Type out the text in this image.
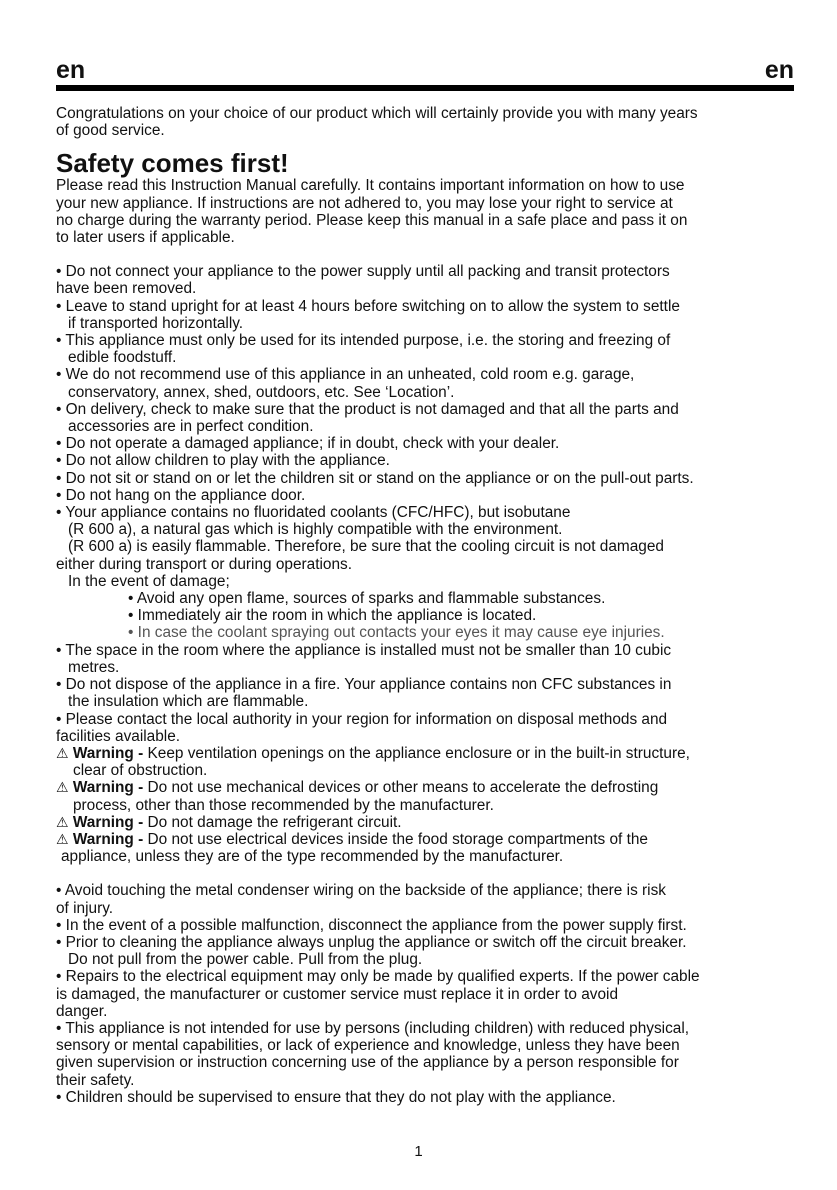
en	en

Congratulations on your choice of our product which will certainly provide you with many years

of good service.

Safety comes first!

Please read this Instruction Manual carefully. It contains important information on how to use

your new appliance. If instructions are not adhered to, you may lose your right to service at

no charge during the warranty period. Please keep this manual in a safe place and pass it on

to later users if applicable.

• Do not connect your appliance to the power supply until all packing and transit protectors

have been removed.

• Leave to stand upright for at least 4 hours before switching on to allow the system to settle

if transported horizontally.

• This appliance must only be used for its intended purpose, i.e. the storing and freezing of

edible foodstuff.

• We do not recommend use of this appliance in an unheated, cold room e.g. garage,

conservatory, annex, shed, outdoors, etc. See ‘Location’.

• On delivery, check to make sure that the product is not damaged and that all the parts and

accessories are in perfect condition.

• Do not operate a damaged appliance; if in doubt, check with your dealer.

• Do not allow children to play with the appliance.

• Do not sit or stand on or let the children sit or stand on the appliance or on the pull-out parts.

• Do not hang on the appliance door.

• Your appliance contains no fluoridated coolants (CFC/HFC), but isobutane

(R 600 a), a natural gas which is highly compatible with the environment.

(R 600 a) is easily flammable. Therefore, be sure that the cooling circuit is not damaged

either during transport or during operations.

In the event of damage;

• Avoid any open flame, sources of sparks and flammable substances.

• Immediately air the room in which the appliance is located.

• In case the coolant spraying out contacts your eyes it may cause eye injuries.

• The space in the room where the appliance is installed must not be smaller than 10 cubic

metres.

• Do not dispose of the appliance in a fire. Your appliance contains non CFC substances in

the insulation which are flammable.

• Please contact the local authority in your region for information on disposal methods and

facilities available.

⚠ Warning - Keep ventilation openings on the appliance enclosure or in the built-in structure,

clear of obstruction.

⚠ Warning - Do not use mechanical devices or other means to accelerate the defrosting

process, other than those recommended by the manufacturer.

⚠ Warning - Do not damage the refrigerant circuit.

⚠ Warning - Do not use electrical devices inside the food storage compartments of the

appliance, unless they are of the type recommended by the manufacturer.

• Avoid touching the metal condenser wiring on the backside of the appliance; there is risk

of injury.

• In the event of a possible malfunction, disconnect the appliance from the power supply first.

• Prior to cleaning the appliance always unplug the appliance or switch off the circuit breaker.

Do not pull from the power cable. Pull from the plug.

• Repairs to the electrical equipment may only be made by qualified experts. If the power cable

is damaged, the manufacturer or customer service must replace it in order to avoid

danger.

• This appliance is not intended for use by persons (including children) with reduced physical,

sensory or mental capabilities, or lack of experience and knowledge, unless they have been

given supervision or instruction concerning use of the appliance by a person responsible for

their safety.

• Children should be supervised to ensure that they do not play with the appliance.

1
